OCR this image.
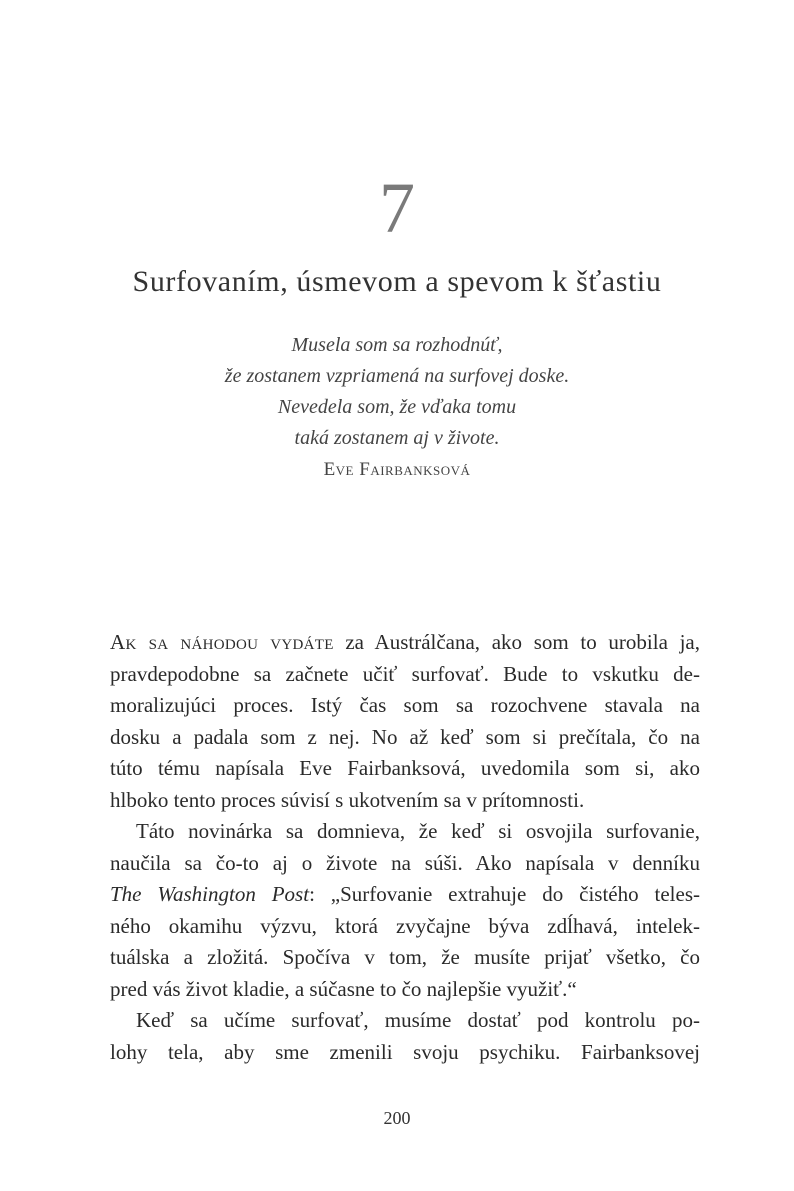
7
Surfovaním, úsmevom a spevom k šťastiu
Musela som sa rozhodnúť,
že zostanem vzpriamená na surfovej doske.
Nevedela som, že vďaka tomu
taká zostanem aj v živote.
Eve Fairbanksová
Ak sa náhodou vydáte za Austrálčana, ako som to urobila ja,
pravdepodobne sa začnete učiť surfovať. Bude to vskutku de-
moralizujúci proces. Istý čas som sa rozochvene stavala na
dosku a padala som z nej. No až keď som si prečítala, čo na
túto tému napísala Eve Fairbanksová, uvedomila som si, ako
hlboko tento proces súvisí s ukotvením sa v prítomnosti.
Táto novinárka sa domnieva, že keď si osvojila surfovanie,
naučila sa čo-to aj o živote na súši. Ako napísala v denníku
The Washington Post: „Surfovanie extrahuje do čistého teles-
ného okamihu výzvu, ktorá zvyčajne býva zdĺhavá, intelek-
tuálska a zložitá. Spočíva v tom, že musíte prijať všetko, čo
pred vás život kladie, a súčasne to čo najlepšie využiť.“
Keď sa učíme surfovať, musíme dostať pod kontrolu po-
lohy tela, aby sme zmenili svoju psychiku. Fairbanksovej
200
